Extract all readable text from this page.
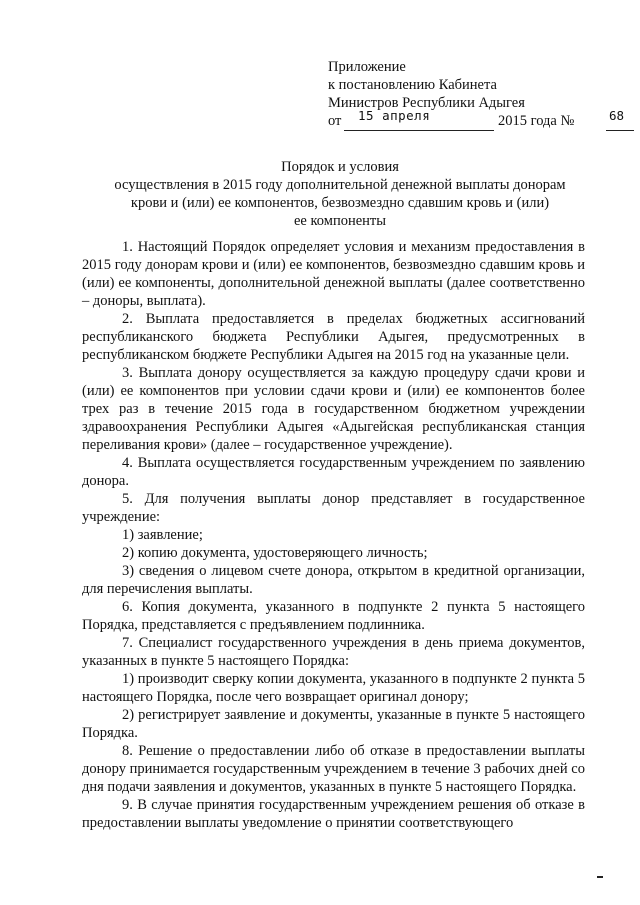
Приложение
к постановлению Кабинета
Министров Республики Адыгея
от 15 апреля	2015 года №	68
Порядок и условия
осуществления в 2015 году дополнительной денежной выплаты донорам
крови и (или) ее компонентов, безвозмездно сдавшим кровь и (или)
ее компоненты

1. Настоящий Порядок определяет условия и механизм предоставления в 2015 году донорам крови и (или) ее компонентов, безвозмездно сдавшим кровь и (или) ее компоненты, дополнительной денежной выплаты (далее соответственно – доноры, выплата).

2. Выплата предоставляется в пределах бюджетных ассигнований республиканского бюджета Республики Адыгея, предусмотренных в республиканском бюджете Республики Адыгея на 2015 год на указанные цели.

3. Выплата донору осуществляется за каждую процедуру сдачи крови и (или) ее компонентов при условии сдачи крови и (или) ее компонентов более трех раз в течение 2015 года в государственном бюджетном учреждении здравоохранения Республики Адыгея «Адыгейская республиканская станция переливания крови» (далее – государственное учреждение).

4. Выплата осуществляется государственным учреждением по заявлению донора.

5. Для получения выплаты донор представляет в государственное учреждение:

1) заявление;

2) копию документа, удостоверяющего личность;

3) сведения о лицевом счете донора, открытом в кредитной организации, для перечисления выплаты.

6. Копия документа, указанного в подпункте 2 пункта 5 настоящего Порядка, представляется с предъявлением подлинника.

7. Специалист государственного учреждения в день приема документов, указанных в пункте 5 настоящего Порядка:

1) производит сверку копии документа, указанного в подпункте 2 пункта 5 настоящего Порядка, после чего возвращает оригинал донору;

2) регистрирует заявление и документы, указанные в пункте 5 настоящего Порядка.

8. Решение о предоставлении либо об отказе в предоставлении выплаты донору принимается государственным учреждением в течение 3 рабочих дней со дня подачи заявления и документов, указанных в пункте 5 настоящего Порядка.

9. В случае принятия государственным учреждением решения об отказе в предоставлении выплаты уведомление о принятии соответствующего
